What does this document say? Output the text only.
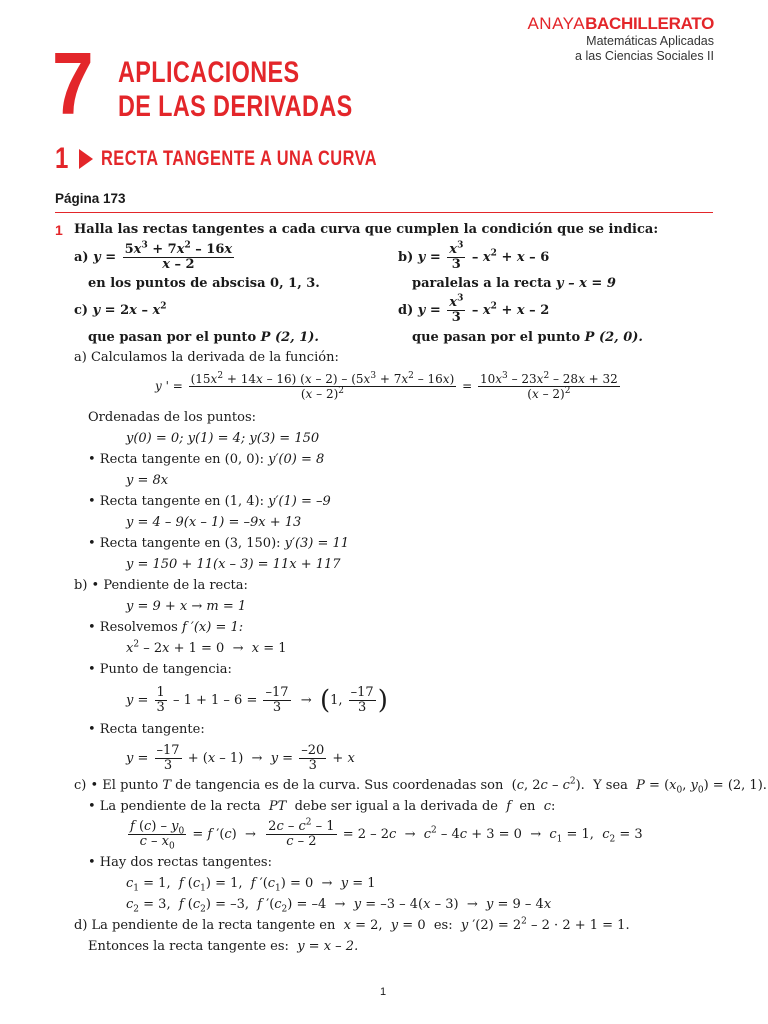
ANAYABACHILLERATO
Matemáticas Aplicadas
a las Ciencias Sociales II
7 APLICACIONES
DE LAS DERIVADAS
1 RECTA TANGENTE A UNA CURVA
Página 173
1 Halla las rectas tangentes a cada curva que cumplen la condición que se indica:
a) $y = \frac{5x^3 + 7x^2 - 16x}{x - 2}$	b) $y = \frac{x^3}{3} - x^2 + x - 6$
en los puntos de abscisa 0, 1, 3.	paralelas a la recta y – x = 9
c) $y = 2x - x^2$	d) $y = \frac{x^3}{3} - x^2 + x - 2$
que pasan por el punto P (2, 1).	que pasan por el punto P (2, 0).
a) Calculamos la derivada de la función:
y ' = $\frac{(15x^2 + 14x - 16) (x - 2) - (5x^3 + 7x^2 - 16x)}{(x - 2)^2} = \frac{10x^3 - 23x^2 - 28x + 32}{(x - 2)^2}$
Ordenadas de los puntos:
y(0) = 0; y(1) = 4; y(3) = 150
• Recta tangente en (0, 0): y′(0) = 8
y = 8x
• Recta tangente en (1, 4): y′(1) = –9
y = 4 – 9(x – 1) = –9x + 13
• Recta tangente en (3, 150): y′(3) = 11
y = 150 + 11(x – 3) = 11x + 117
b) • Pendiente de la recta:
y = 9 + x → m = 1
• Resolvemos f ′(x) = 1:
$x^2 - 2x + 1 = 0 \to x = 1$
• Punto de tangencia:
$y = \frac{1}{3} - 1 + 1 - 6 = \frac{-17}{3} \to (1$, $\frac{-17}{3}$ )
• Recta tangente:
$y = \frac{-17}{3} + (x - 1) \to y = \frac{-20}{3} + x$
c) • El punto T de tangencia es de la curva. Sus coordenadas son  (c, $2c - c^2$).  Y sea  $P = (x_0$, $y_0) = (2$, 1).
• La pendiente de la recta PT  debe ser igual a la derivada de  f  en  c:
$\frac{f (c) - y_0}{c - x_0} = f$ $'(c) \to \frac{2c - c^2 - 1}{c - 2} = 2 - 2c \to c^2 - 4c + 3 = 0 \to c_1 = 1$,  $c_2 = 3$
• Hay dos rectas tangentes:
$c_1 = 1$,  f $(c_1) = 1$,  f $'(c_1) = 0 \to y = 1$
$c_2 = 3$,  f $(c_2) = -3$,  f $'(c_2) = -4 \to y = -3 - 4(x - 3) \to y = 9 - 4x$
d) La pendiente de la recta tangente en x = 2,  y = 0  es:  y $'(2) = 2^2 - 2 \cdot 2 + 1 = 1$.
Entonces la recta tangente es: y = x – 2.
1
